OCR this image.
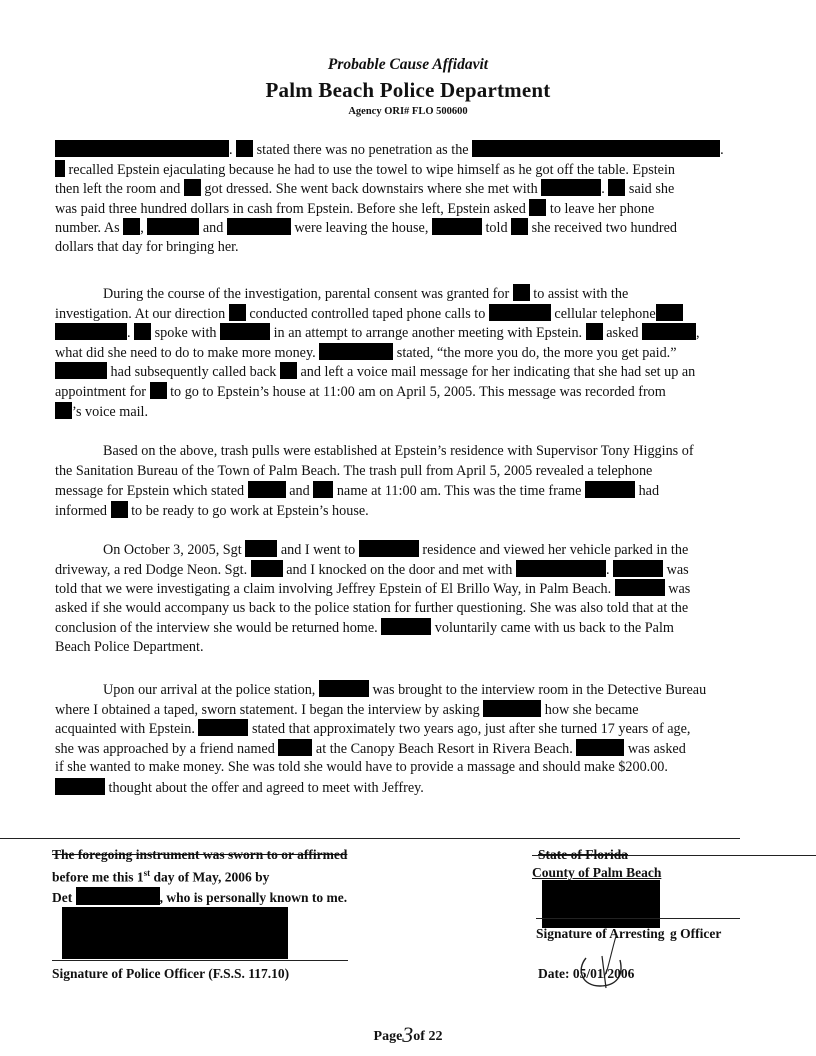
Probable Cause Affidavit
Palm Beach Police Department
Agency ORI# FLO 500600
.  stated there was no penetration as the	.
recalled Epstein ejaculating because he had to use the towel to wipe himself as he got off the table. Epstein
then left the room and  got dressed. She went back downstairs where she met with	.  said she
was paid three hundred dollars in cash from Epstein. Before she left, Epstein asked  to leave her phone
number. As ,	and	were leaving the house,	told  she received two hundred
dollars that day for bringing her.
During the course of the investigation, parental consent was granted for  to assist with the
investigation. At our direction  conducted controlled taped phone calls to	cellular telephone
.  spoke with	in an attempt to arrange another meeting with Epstein.  asked	,
what did she need to do to make more money.	stated, “the more you do, the more you get paid.”
had subsequently called back  and left a voice mail message for her indicating that she had set up an
appointment for  to go to Epstein’s house at 11:00 am on April 5, 2005. This message was recorded from
’s voice mail.
Based on the above, trash pulls were established at Epstein’s residence with Supervisor Tony Higgins of
the Sanitation Bureau of the Town of Palm Beach. The trash pull from April 5, 2005 revealed a telephone
message for Epstein which stated	and  name at 11:00 am. This was the time frame	had
informed  to be ready to go work at Epstein’s house.
On October 3, 2005, Sgt  and I went to	residence and viewed her vehicle parked in the
driveway, a red Dodge Neon. Sgt.  and I knocked on the door and met with	.	was
told that we were investigating a claim involving Jeffrey Epstein of El Brillo Way, in Palm Beach.	was
asked if she would accompany us back to the police station for further questioning. She was also told that at the
conclusion of the interview she would be returned home.	voluntarily came with us back to the Palm
Beach Police Department.
Upon our arrival at the police station,	was brought to the interview room in the Detective Bureau
where I obtained a taped, sworn statement. I began the interview by asking	how she became
acquainted with Epstein.	stated that approximately two years ago, just after she turned 17 years of age,
she was approached by a friend named  at the Canopy Beach Resort in Rivera Beach.	was asked
if she wanted to make money. She was told she would have to provide a massage and should make $200.00.
thought about the offer and agreed to meet with Jeffrey.
The foregoing instrument was sworn to or affirmed
before me this 1st day of May, 2006 by
Det	, who is personally known to me.
Signature of Police Officer (F.S.S. 117.10)
State of Florida
County of Palm Beach
Signature of Arresting g Officer
Date: 05/01/2006
Page3of 22
